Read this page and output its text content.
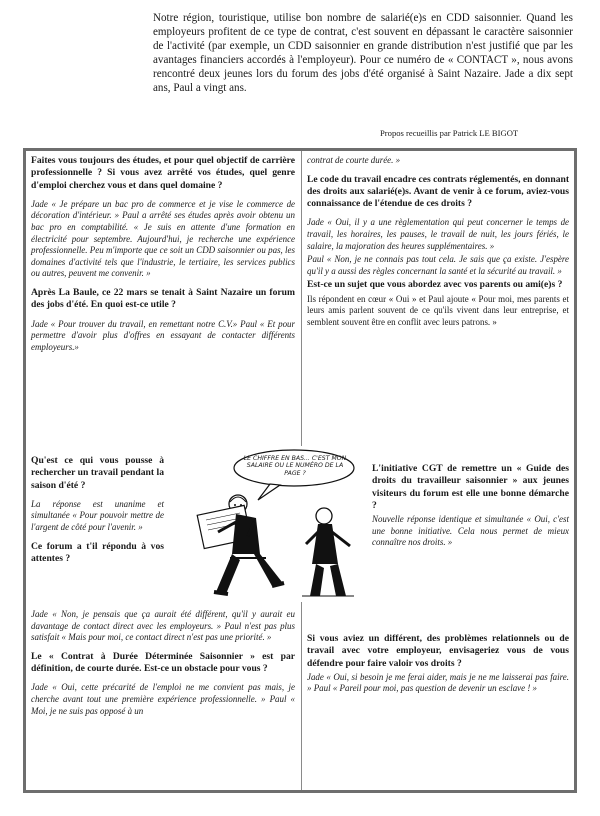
Notre région, touristique, utilise bon nombre de salarié(e)s en CDD saisonnier. Quand les employeurs profitent de ce type de contrat, c'est souvent en dépassant le caractère saisonnier de l'activité (par exemple, un CDD saisonnier en grande distribution n'est justifié que par les avantages financiers accordés à l'employeur). Pour ce numéro de « CONTACT », nous avons rencontré deux jeunes lors du forum des jobs d'été organisé à Saint Nazaire. Jade a dix sept ans, Paul a vingt ans.

Propos recueillis par Patrick LE BIGOT

Faites vous toujours des études, et pour quel objectif de carrière professionnelle ? Si vous avez arrêté vos études, quel genre d'emploi cherchez vous et dans quel domaine ?

Jade « Je prépare un bac pro de commerce et je vise le commerce de décoration d'intérieur. » Paul a arrêté ses études après avoir obtenu un bac pro en comptabilité. « Je suis en attente d'une formation en électricité pour septembre. Aujourd'hui, je recherche une expérience professionnelle. Peu m'importe que ce soit un CDD saisonnier ou pas, les domaines d'activité tels que l'industrie, le tertiaire, les services publics ou autres, peuvent me convenir. »

Après La Baule, ce 22 mars se tenait à Saint Nazaire un forum des jobs d'été. En quoi est-ce utile ?

Jade « Pour trouver du travail, en remettant notre C.V.» Paul « Et pour permettre d'avoir plus d'offres en essayant de contacter différents employeurs.»

Qu'est ce qui vous pousse à rechercher un travail pendant la saison d'été ?

La réponse est unanime et simultanée « Pour pouvoir mettre de l'argent de côté pour l'avenir. »

Ce forum a t'il répondu à vos attentes ?

Jade « Non, je pensais que ça aurait été différent, qu'il y aurait eu davantage de contact direct avec les employeurs. » Paul n'est pas plus satisfait « Mais pour moi, ce contact direct n'est pas une priorité. »

Le « Contrat à Durée Déterminée Saisonnier » est par définition, de courte durée. Est-ce un obstacle pour vous ?

Jade « Oui, cette précarité de l'emploi ne me convient pas mais, je cherche avant tout une première expérience professionnelle. » Paul « Moi, je ne suis pas opposé à un

contrat de courte durée. »

Le code du travail encadre ces contrats réglementés, en donnant des droits aux salarié(e)s. Avant de venir à ce forum, aviez-vous connaissance de l'étendue de ces droits ?

Jade « Oui, il y a une règlementation qui peut concerner le temps de travail, les horaires, les pauses, le travail de nuit, les jours fériés, le salaire, la majoration des heures supplémentaires. »

Paul « Non, je ne connais pas tout cela. Je sais que ça existe. J'espère qu'il y a aussi des règles concernant la santé et la sécurité au travail. »

Est-ce un sujet que vous abordez avec vos parents ou ami(e)s ?

Ils répondent en cœur « Oui » et Paul ajoute « Pour moi, mes parents et leurs amis parlent souvent de ce qu'ils vivent dans leur entreprise, et semblent souvent être en conflit avec leurs patrons. »

L'initiative CGT de remettre un « Guide des droits du travailleur saisonnier » aux jeunes visiteurs du forum est elle une bonne démarche ?

Nouvelle réponse identique et simultanée « Oui, c'est une bonne initiative. Cela nous permet de mieux connaître nos droits. »

Si vous aviez un différent, des problèmes relationnels ou de travail avec votre employeur, envisageriez vous de vous défendre pour faire valoir vos droits ?

Jade « Oui, si besoin je me ferai aider, mais je ne me laisserai pas faire. » Paul « Pareil pour moi, pas question de devenir un esclave ! »

LE CHIFFRE EN BAS... C'EST MON SALAIRE OU LE NUMÉRO DE LA PAGE ?
